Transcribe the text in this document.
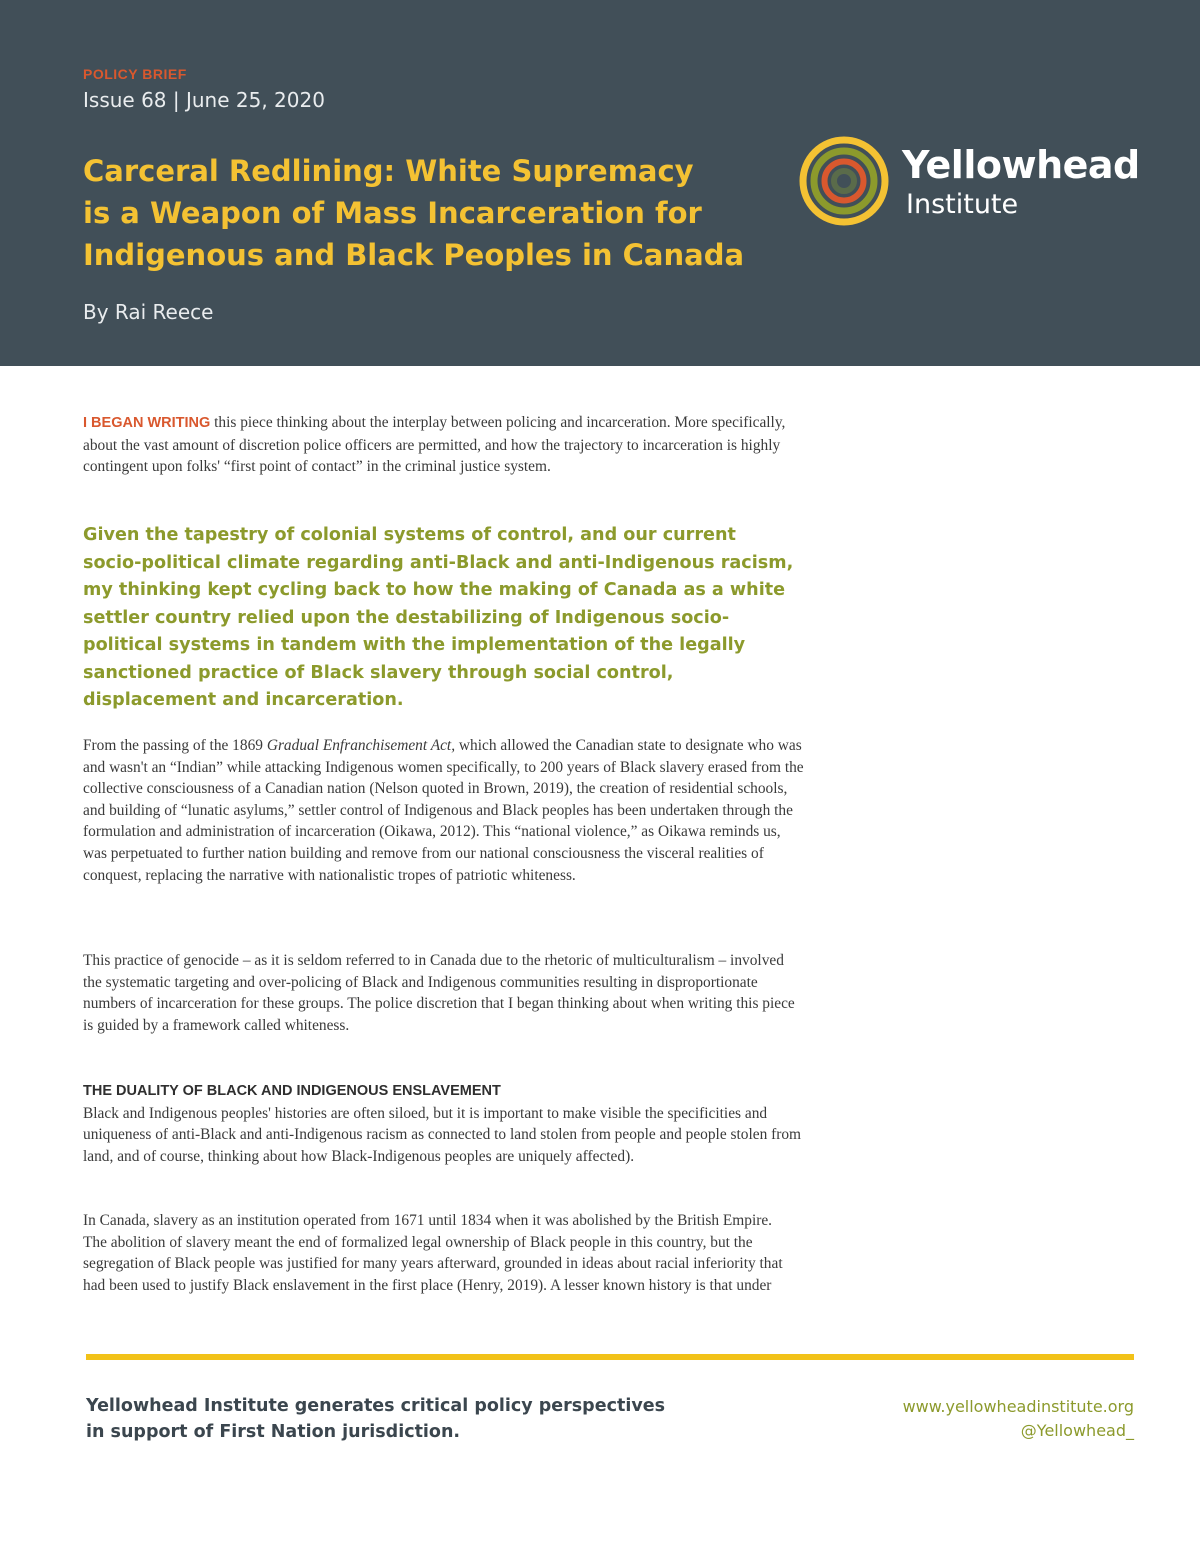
POLICY BRIEF
Issue 68 | June 25, 2020
Carceral Redlining: White Supremacy
is a Weapon of Mass Incarceration for
Indigenous and Black Peoples in Canada
By Rai Reece
Yellowhead
Institute
I BEGAN WRITING this piece thinking about the interplay between policing and incarceration. More specifically, about the vast amount of discretion police officers are permitted, and how the trajectory to incarceration is highly contingent upon folks' “first point of contact” in the criminal justice system.
Given the tapestry of colonial systems of control, and our current socio-political climate regarding anti-Black and anti-Indigenous racism, my thinking kept cycling back to how the making of Canada as a white settler country relied upon the destabilizing of Indigenous socio-political systems in tandem with the implementation of the legally sanctioned practice of Black slavery through social control, displacement and incarceration.
From the passing of the 1869 Gradual Enfranchisement Act, which allowed the Canadian state to designate who was and wasn't an “Indian” while attacking Indigenous women specifically, to 200 years of Black slavery erased from the collective consciousness of a Canadian nation (Nelson quoted in Brown, 2019), the creation of residential schools, and building of “lunatic asylums,” settler control of Indigenous and Black peoples has been undertaken through the formulation and administration of incarceration (Oikawa, 2012). This “national violence,” as Oikawa reminds us, was perpetuated to further nation building and remove from our national consciousness the visceral realities of conquest, replacing the narrative with nationalistic tropes of patriotic whiteness.
This practice of genocide – as it is seldom referred to in Canada due to the rhetoric of multiculturalism – involved the systematic targeting and over-policing of Black and Indigenous communities resulting in disproportionate numbers of incarceration for these groups. The police discretion that I began thinking about when writing this piece is guided by a framework called whiteness.
THE DUALITY OF BLACK AND INDIGENOUS ENSLAVEMENT
Black and Indigenous peoples' histories are often siloed, but it is important to make visible the specificities and uniqueness of anti-Black and anti-Indigenous racism as connected to land stolen from people and people stolen from land, and of course, thinking about how Black-Indigenous peoples are uniquely affected).
In Canada, slavery as an institution operated from 1671 until 1834 when it was abolished by the British Empire. The abolition of slavery meant the end of formalized legal ownership of Black people in this country, but the segregation of Black people was justified for many years afterward, grounded in ideas about racial inferiority that had been used to justify Black enslavement in the first place (Henry, 2019). A lesser known history is that under
Yellowhead Institute generates critical policy perspectives
in support of First Nation jurisdiction.
www.yellowheadinstitute.org
@Yellowhead_
